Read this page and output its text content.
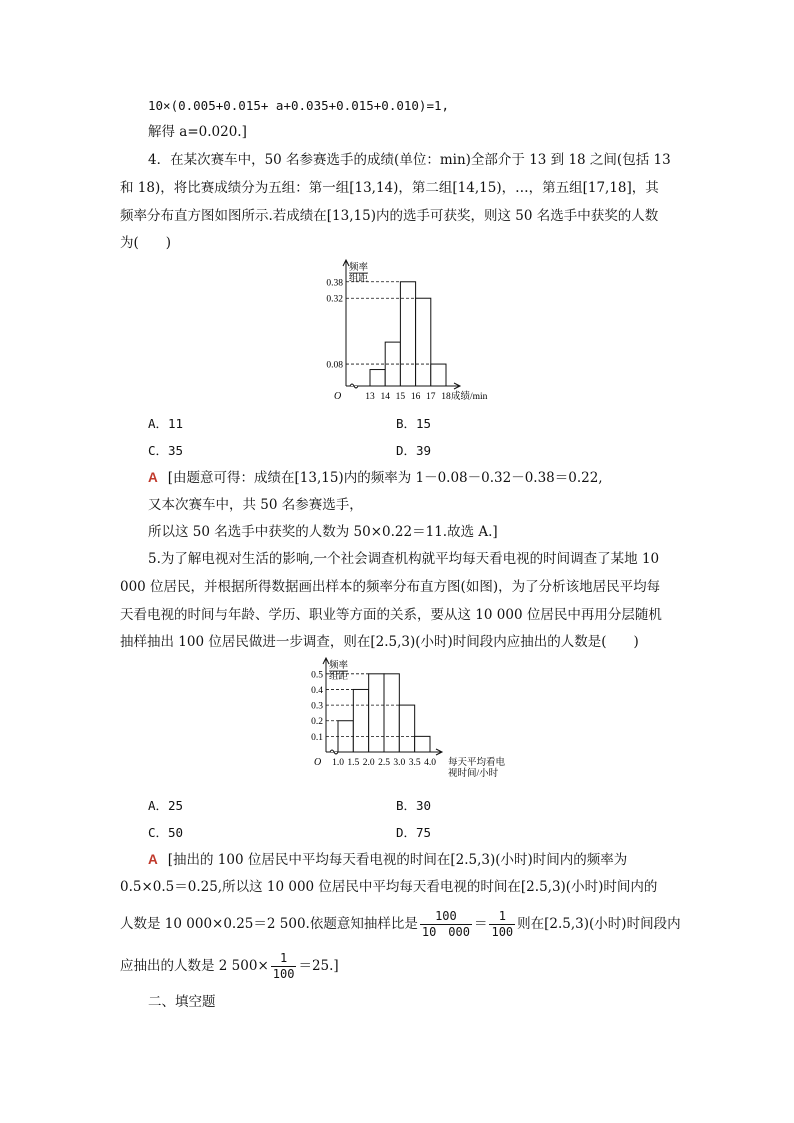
10×(0.005+0.015+ a+0.035+0.015+0.010)=1,
解得 a=0.020.]
4．在某次赛车中，50 名参赛选手的成绩(单位：min)全部介于 13 到 18 之间(包括 13
和 18)，将比赛成绩分为五组：第一组[13,14)，第二组[14,15)，…，第五组[17,18]，其
频率分布直方图如图所示.若成绩在[13,15)内的选手可获奖，则这 50 名选手中获奖的人数
为(　　)
O
频率
组距
0.38
0.32
0.08
13 14 15 16 17 18 成绩/min
A．11	B．15
C．35	D．39
A [由题意可得：成绩在[13,15)内的频率为 1－0.08－0.32－0.38＝0.22,
又本次赛车中，共 50 名参赛选手，
所以这 50 名选手中获奖的人数为 50×0.22＝11.故选 A.]
5.为了解电视对生活的影响,一个社会调查机构就平均每天看电视的时间调查了某地 10
000 位居民，并根据所得数据画出样本的频率分布直方图(如图)，为了分析该地居民平均每
天看电视的时间与年龄、学历、职业等方面的关系，要从这 10 000 位居民中再用分层随机
抽样抽出 100 位居民做进一步调查，则在[2.5,3)(小时)时间段内应抽出的人数是(　　)
O
频率
组距
0.5
0.4
0.3
0.2
0.1
1.0 1.5 2.0 2.5 3.0 3.5 4.0 每天平均看电
视时间/小时
A．25	B．30
C．50	D．75
A [抽出的 100 位居民中平均每天看电视的时间在[2.5,3)(小时)时间内的频率为
0.5×0.5＝0.25,所以这 10 000 位居民中平均每天看电视的时间在[2.5,3)(小时)时间内的
人数是 10 000×0.25＝2 500.依题意知抽样比是 $\frac{100}{10 000} = \frac{1}{100}$ 则在[2.5,3)(小时)时间段内
应抽出的人数是 2 $500\times \frac{1}{100} =25$.]
二、填空题
